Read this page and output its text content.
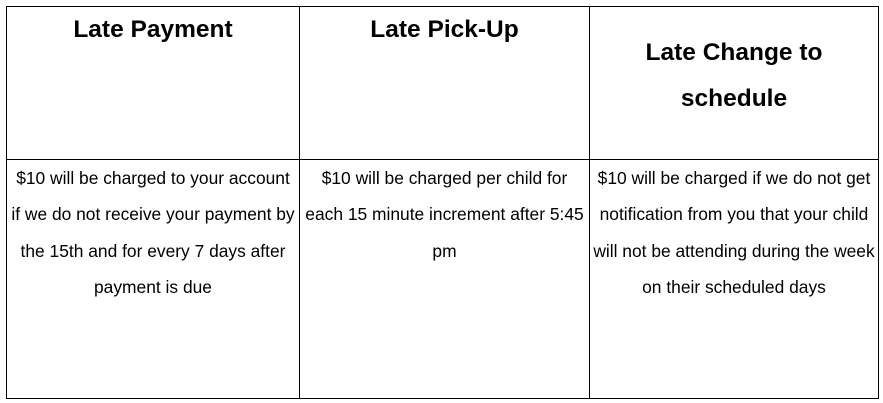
Late Payment	Late Pick-Up	Late Change to schedule
$10 will be charged to your account if we do not receive your payment by the 15th and for every 7 days after payment is due	$10 will be charged per child for each 15 minute increment after 5:45 pm	$10 will be charged if we do not get notification from you that your child will not be attending during the week on their scheduled days
